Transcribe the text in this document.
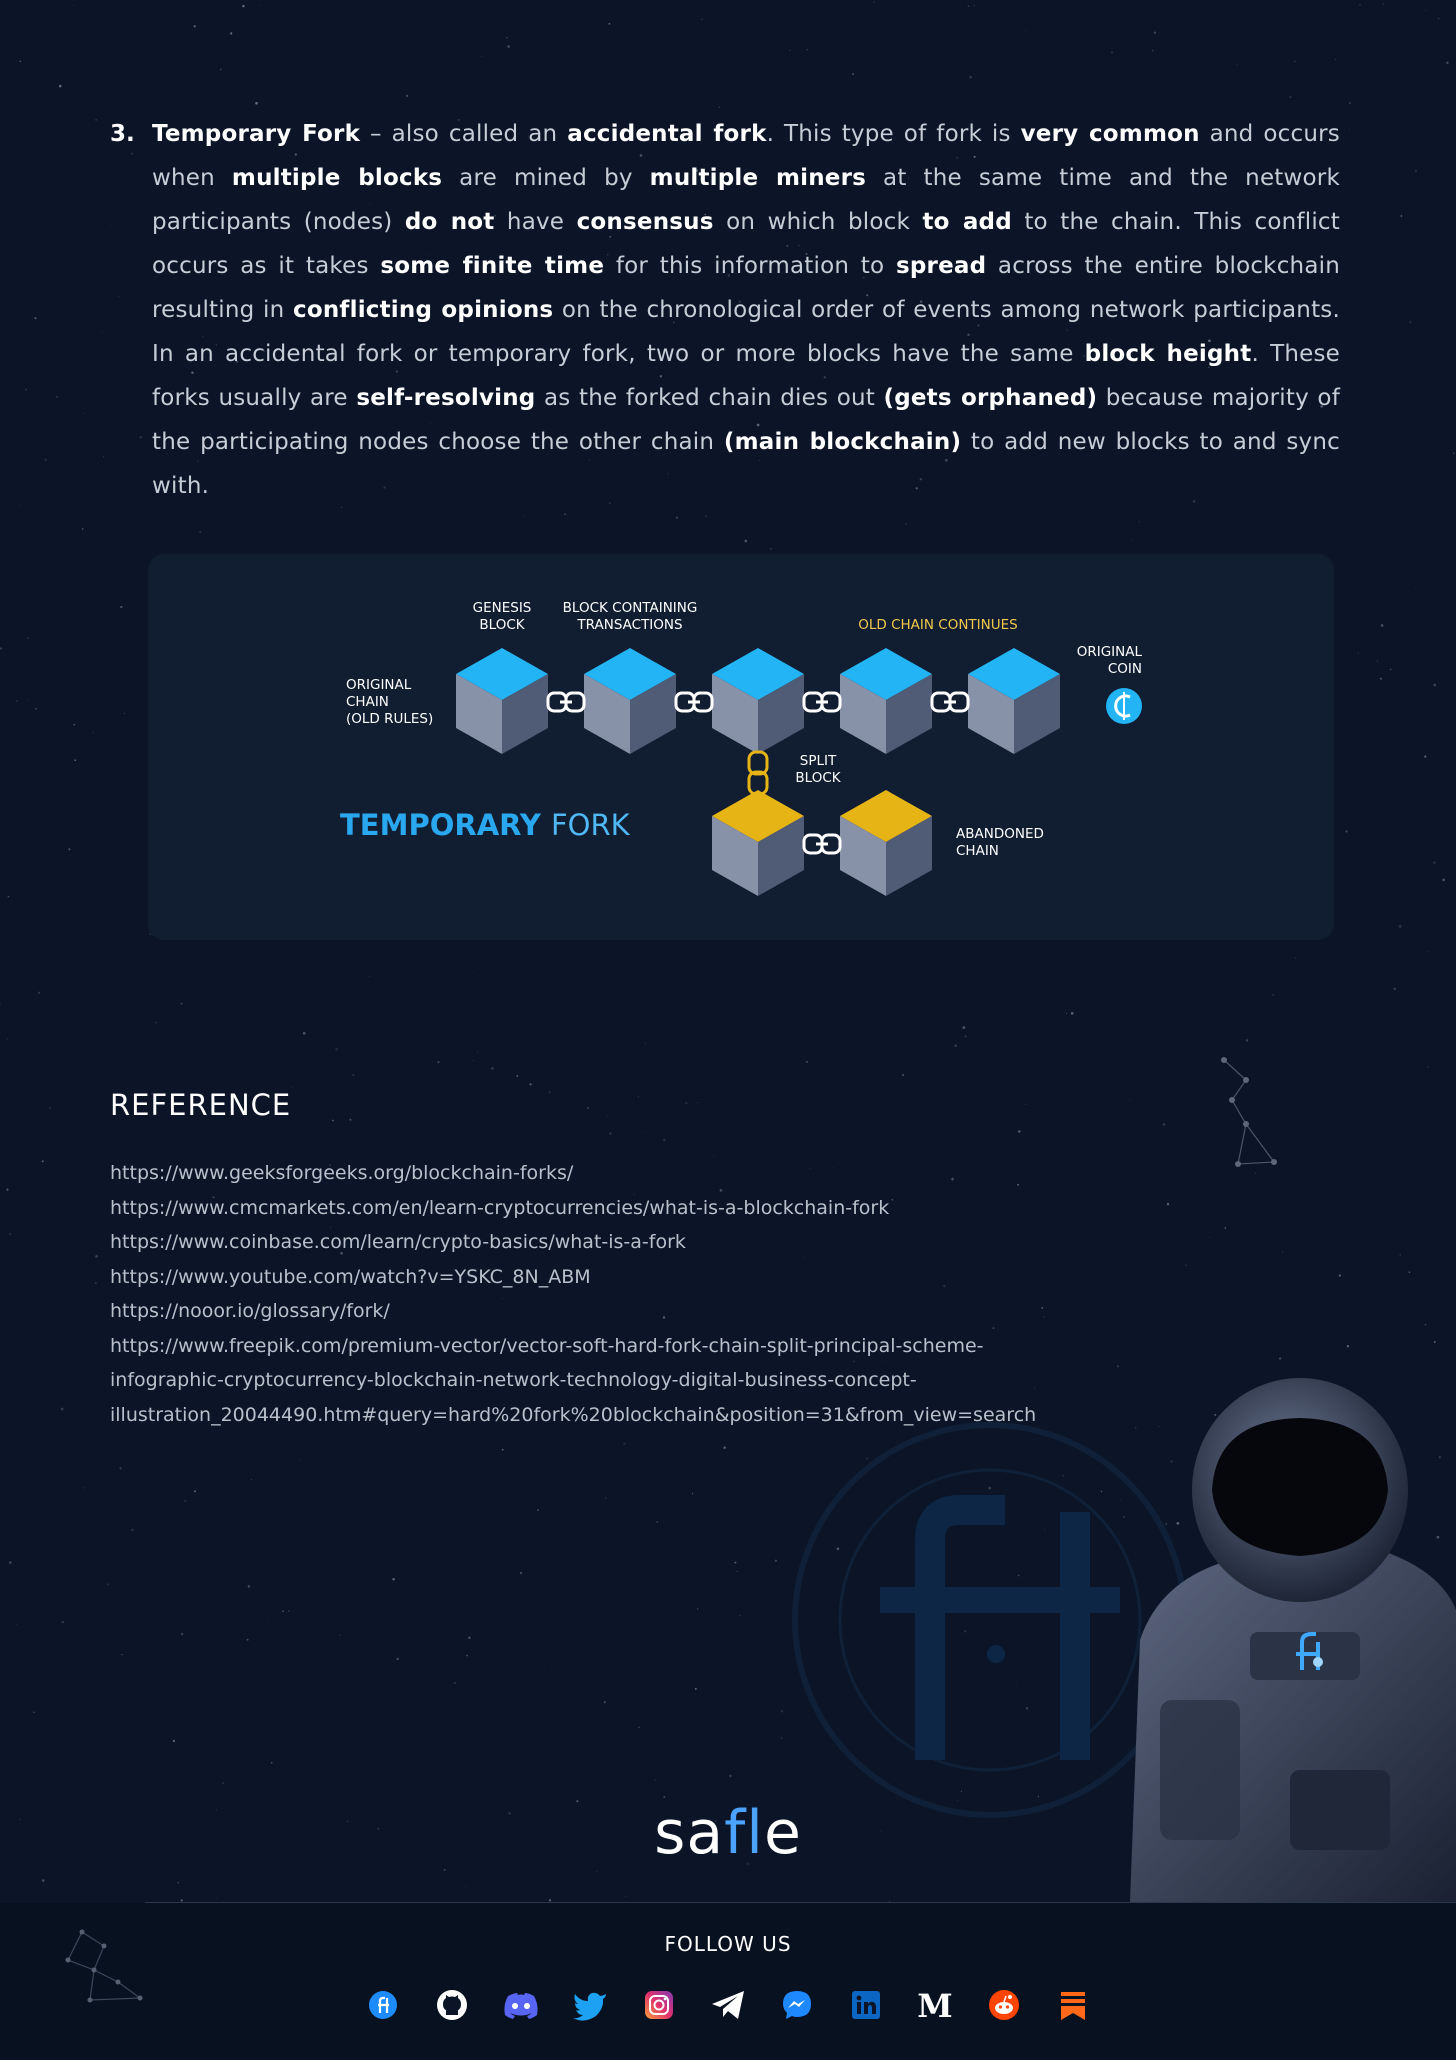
3. Temporary Fork – also called an accidental fork. This type of fork is very common and occurs when multiple blocks are mined by multiple miners at the same time and the network participants (nodes) do not have consensus on which block to add to the chain. This conflict occurs as it takes some finite time for this information to spread across the entire blockchain resulting in conflicting opinions on the chronological order of events among network participants. In an accidental fork or temporary fork, two or more blocks have the same block height. These forks usually are self-resolving as the forked chain dies out (gets orphaned) because majority of the participating nodes choose the other chain (main blockchain) to add new blocks to and sync with.
GENESIS
BLOCK
BLOCK CONTAINING
TRANSACTIONS	OLD CHAIN CONTINUES
ORIGINAL
COIN
ORIGINAL
CHAIN
(OLD RULES)
SPLIT
BLOCK
ABANDONED
CHAIN
TEMPORARY FORK
REFERENCE
https://www.geeksforgeeks.org/blockchain-forks/
https://www.cmcmarkets.com/en/learn-cryptocurrencies/what-is-a-blockchain-fork
https://www.coinbase.com/learn/crypto-basics/what-is-a-fork
https://www.youtube.com/watch?v=YSKC_8N_ABM
https://nooor.io/glossary/fork/
https://www.freepik.com/premium-vector/vector-soft-hard-fork-chain-split-principal-scheme-
infographic-cryptocurrency-blockchain-network-technology-digital-business-concept-
illustration_20044490.htm#query=hard%20fork%20blockchain&position=31&from_view=search
safle
FOLLOW US
M
